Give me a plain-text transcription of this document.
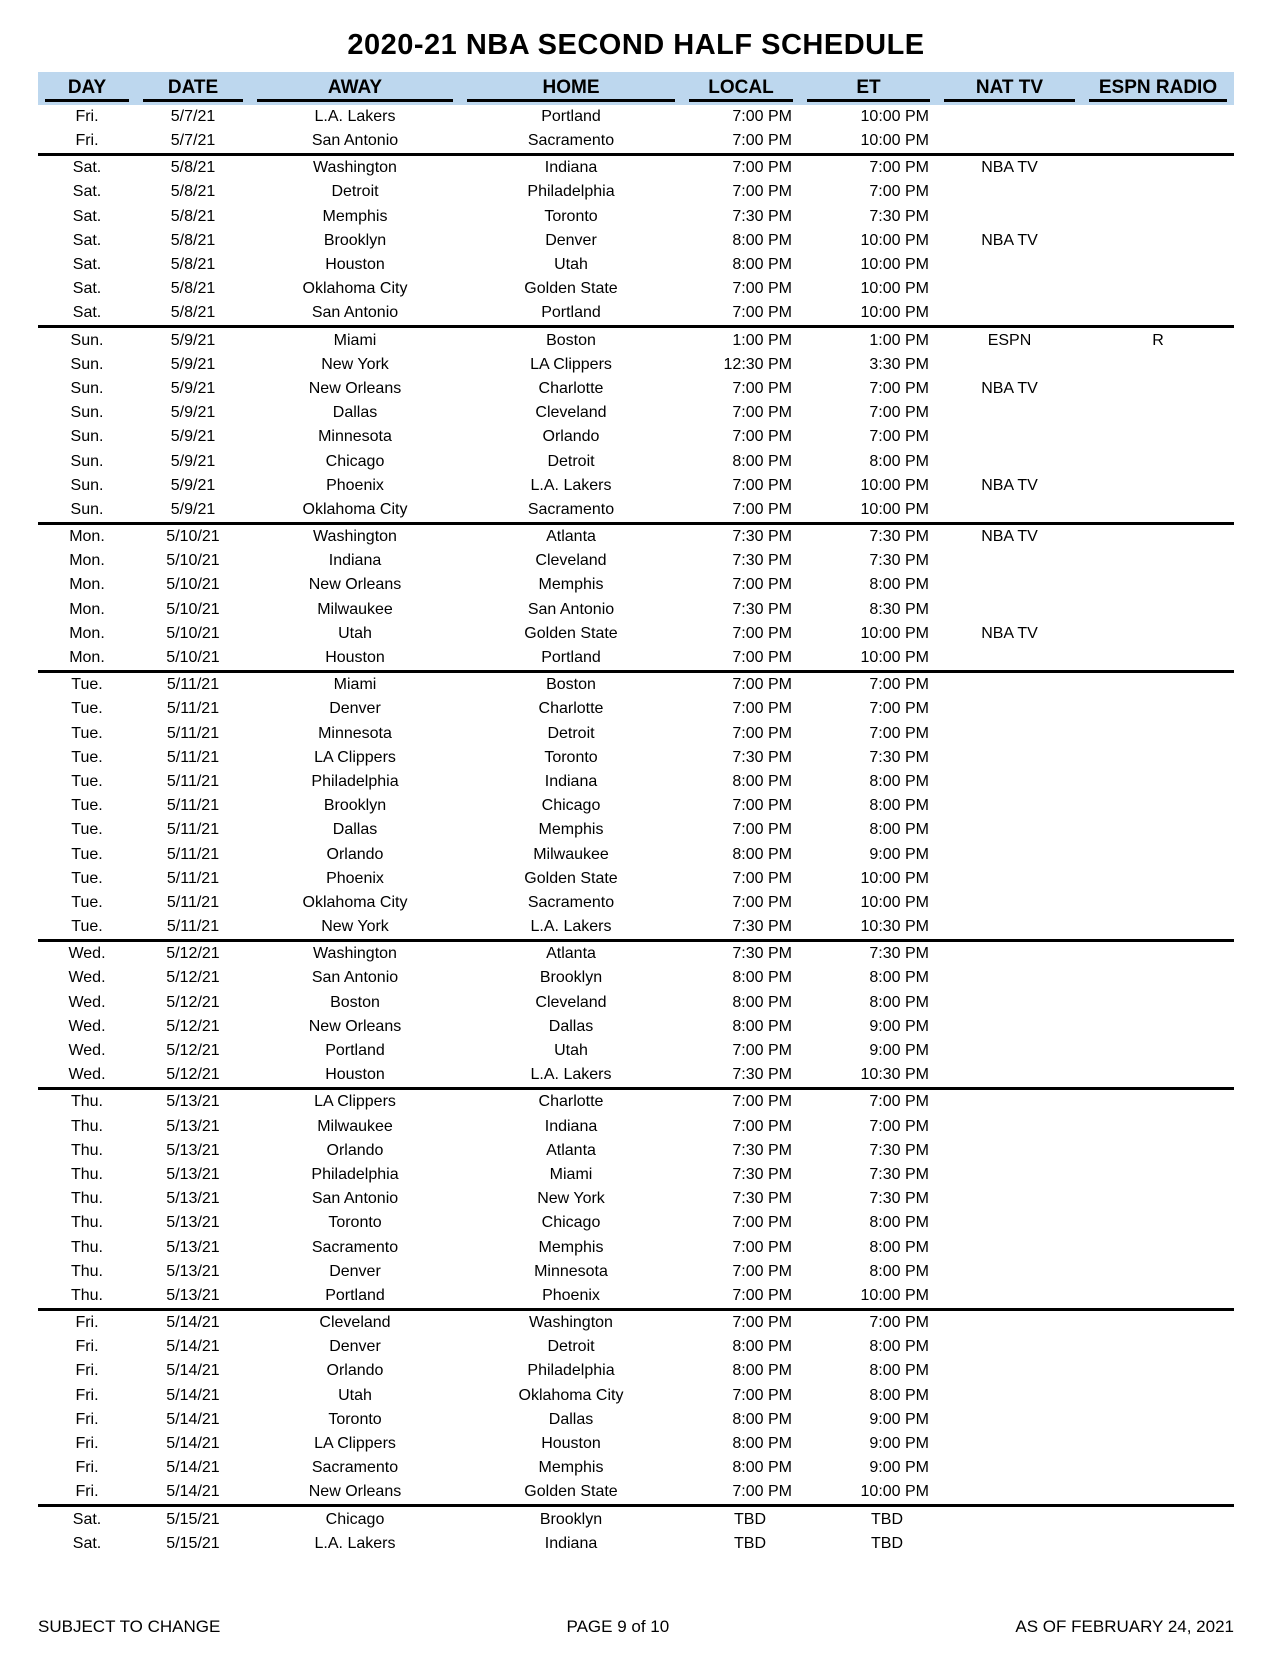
2020-21 NBA SECOND HALF SCHEDULE
DAY	DATE	AWAY	HOME	LOCAL	ET	NAT TV	ESPN RADIO

Fri.	5/7/21	L.A. Lakers	Portland	7:00 PM	10:00 PM		
Fri.	5/7/21	San Antonio	Sacramento	7:00 PM	10:00 PM		
Sat.	5/8/21	Washington	Indiana	7:00 PM	7:00 PM	NBA TV	
Sat.	5/8/21	Detroit	Philadelphia	7:00 PM	7:00 PM		
Sat.	5/8/21	Memphis	Toronto	7:30 PM	7:30 PM		
Sat.	5/8/21	Brooklyn	Denver	8:00 PM	10:00 PM	NBA TV	
Sat.	5/8/21	Houston	Utah	8:00 PM	10:00 PM		
Sat.	5/8/21	Oklahoma City	Golden State	7:00 PM	10:00 PM		
Sat.	5/8/21	San Antonio	Portland	7:00 PM	10:00 PM		
Sun.	5/9/21	Miami	Boston	1:00 PM	1:00 PM	ESPN	R
Sun.	5/9/21	New York	LA Clippers	12:30 PM	3:30 PM		
Sun.	5/9/21	New Orleans	Charlotte	7:00 PM	7:00 PM	NBA TV	
Sun.	5/9/21	Dallas	Cleveland	7:00 PM	7:00 PM		
Sun.	5/9/21	Minnesota	Orlando	7:00 PM	7:00 PM		
Sun.	5/9/21	Chicago	Detroit	8:00 PM	8:00 PM		
Sun.	5/9/21	Phoenix	L.A. Lakers	7:00 PM	10:00 PM	NBA TV	
Sun.	5/9/21	Oklahoma City	Sacramento	7:00 PM	10:00 PM		
Mon.	5/10/21	Washington	Atlanta	7:30 PM	7:30 PM	NBA TV	
Mon.	5/10/21	Indiana	Cleveland	7:30 PM	7:30 PM		
Mon.	5/10/21	New Orleans	Memphis	7:00 PM	8:00 PM		
Mon.	5/10/21	Milwaukee	San Antonio	7:30 PM	8:30 PM		
Mon.	5/10/21	Utah	Golden State	7:00 PM	10:00 PM	NBA TV	
Mon.	5/10/21	Houston	Portland	7:00 PM	10:00 PM		
Tue.	5/11/21	Miami	Boston	7:00 PM	7:00 PM		
Tue.	5/11/21	Denver	Charlotte	7:00 PM	7:00 PM		
Tue.	5/11/21	Minnesota	Detroit	7:00 PM	7:00 PM		
Tue.	5/11/21	LA Clippers	Toronto	7:30 PM	7:30 PM		
Tue.	5/11/21	Philadelphia	Indiana	8:00 PM	8:00 PM		
Tue.	5/11/21	Brooklyn	Chicago	7:00 PM	8:00 PM		
Tue.	5/11/21	Dallas	Memphis	7:00 PM	8:00 PM		
Tue.	5/11/21	Orlando	Milwaukee	8:00 PM	9:00 PM		
Tue.	5/11/21	Phoenix	Golden State	7:00 PM	10:00 PM		
Tue.	5/11/21	Oklahoma City	Sacramento	7:00 PM	10:00 PM		
Tue.	5/11/21	New York	L.A. Lakers	7:30 PM	10:30 PM		
Wed.	5/12/21	Washington	Atlanta	7:30 PM	7:30 PM		
Wed.	5/12/21	San Antonio	Brooklyn	8:00 PM	8:00 PM		
Wed.	5/12/21	Boston	Cleveland	8:00 PM	8:00 PM		
Wed.	5/12/21	New Orleans	Dallas	8:00 PM	9:00 PM		
Wed.	5/12/21	Portland	Utah	7:00 PM	9:00 PM		
Wed.	5/12/21	Houston	L.A. Lakers	7:30 PM	10:30 PM		
Thu.	5/13/21	LA Clippers	Charlotte	7:00 PM	7:00 PM		
Thu.	5/13/21	Milwaukee	Indiana	7:00 PM	7:00 PM		
Thu.	5/13/21	Orlando	Atlanta	7:30 PM	7:30 PM		
Thu.	5/13/21	Philadelphia	Miami	7:30 PM	7:30 PM		
Thu.	5/13/21	San Antonio	New York	7:30 PM	7:30 PM		
Thu.	5/13/21	Toronto	Chicago	7:00 PM	8:00 PM		
Thu.	5/13/21	Sacramento	Memphis	7:00 PM	8:00 PM		
Thu.	5/13/21	Denver	Minnesota	7:00 PM	8:00 PM		
Thu.	5/13/21	Portland	Phoenix	7:00 PM	10:00 PM		
Fri.	5/14/21	Cleveland	Washington	7:00 PM	7:00 PM		
Fri.	5/14/21	Denver	Detroit	8:00 PM	8:00 PM		
Fri.	5/14/21	Orlando	Philadelphia	8:00 PM	8:00 PM		
Fri.	5/14/21	Utah	Oklahoma City	7:00 PM	8:00 PM		
Fri.	5/14/21	Toronto	Dallas	8:00 PM	9:00 PM		
Fri.	5/14/21	LA Clippers	Houston	8:00 PM	9:00 PM		
Fri.	5/14/21	Sacramento	Memphis	8:00 PM	9:00 PM		
Fri.	5/14/21	New Orleans	Golden State	7:00 PM	10:00 PM		
Sat.	5/15/21	Chicago	Brooklyn	TBD	TBD		
Sat.	5/15/21	L.A. Lakers	Indiana	TBD	TBD		
SUBJECT TO CHANGE	PAGE 9 of 10	AS OF FEBRUARY 24, 2021
